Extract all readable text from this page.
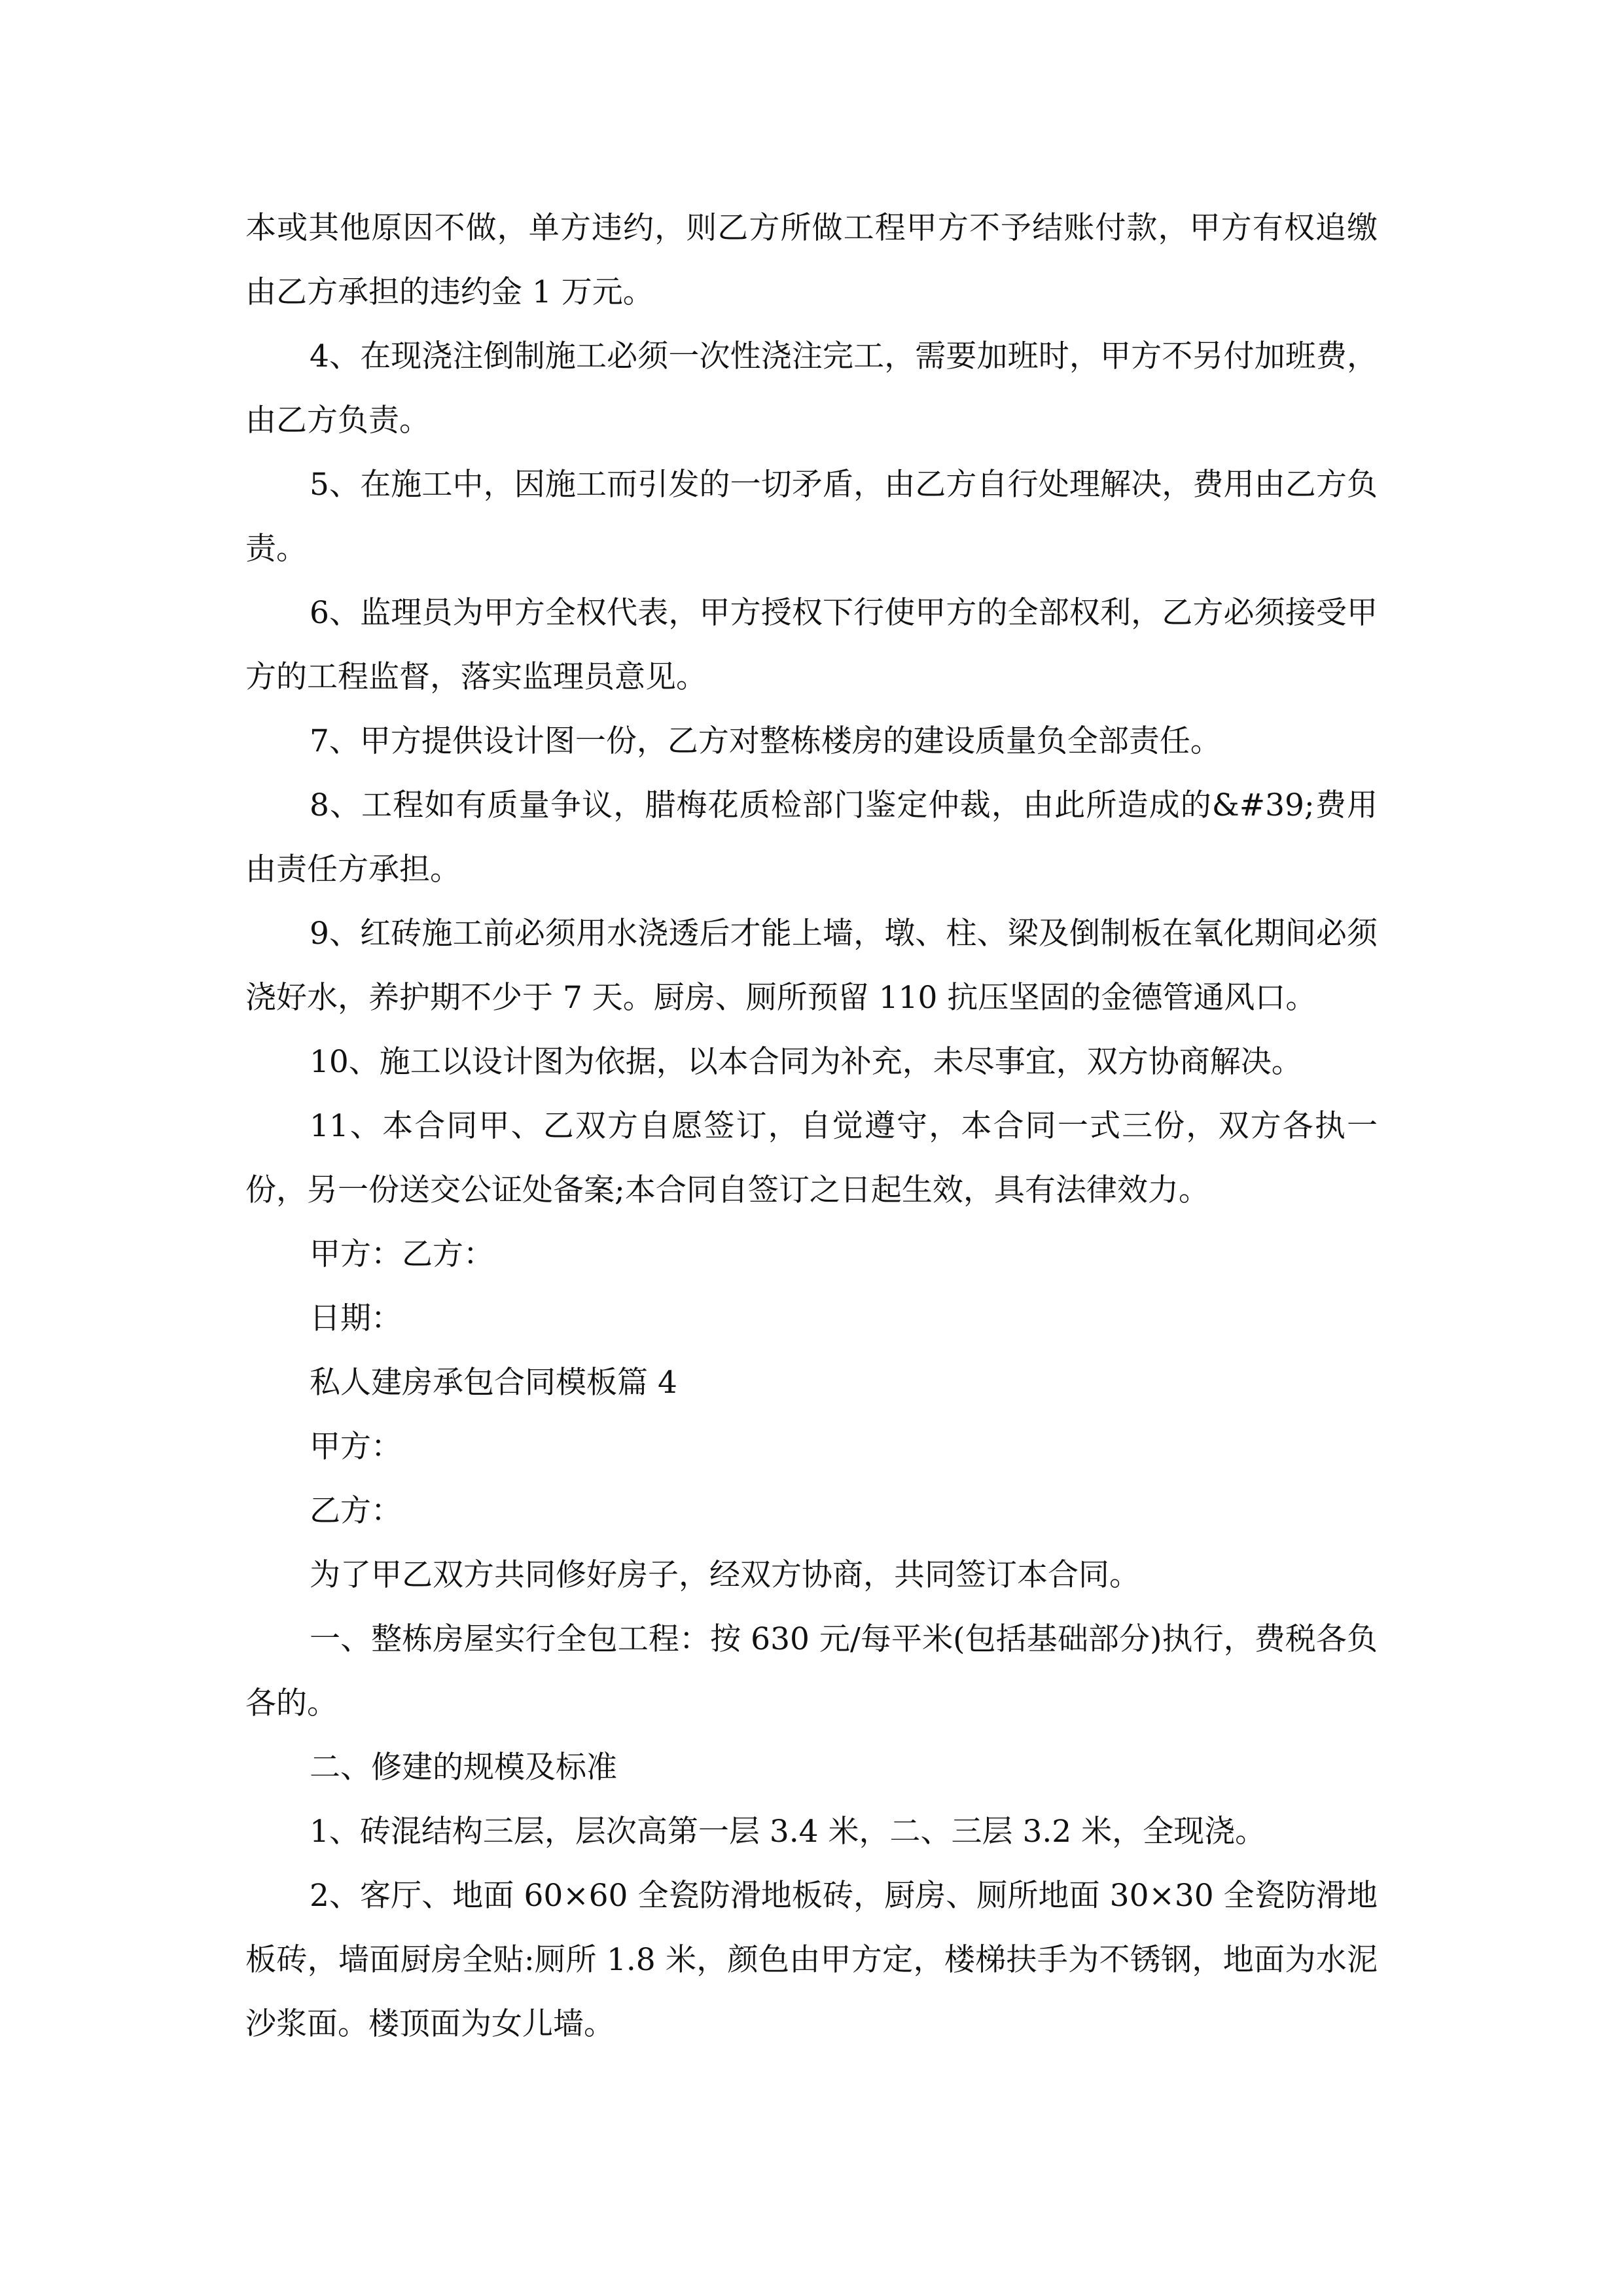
本或其他原因不做，单方违约，则乙方所做工程甲方不予结账付款，甲方有权追缴由乙方承担的违约金 1 万元。

4、在现浇注倒制施工必须一次性浇注完工，需要加班时，甲方不另付加班费，由乙方负责。

5、在施工中，因施工而引发的一切矛盾，由乙方自行处理解决，费用由乙方负责。

6、监理员为甲方全权代表，甲方授权下行使甲方的全部权利，乙方必须接受甲方的工程监督，落实监理员意见。

7、甲方提供设计图一份，乙方对整栋楼房的建设质量负全部责任。

8、工程如有质量争议，腊梅花质检部门鉴定仲裁，由此所造成的&#39;费用由责任方承担。

9、红砖施工前必须用水浇透后才能上墙，墩、柱、梁及倒制板在氧化期间必须浇好水，养护期不少于 7 天。厨房、厕所预留 110 抗压坚固的金德管通风口。

10、施工以设计图为依据，以本合同为补充，未尽事宜，双方协商解决。

11、本合同甲、乙双方自愿签订，自觉遵守，本合同一式三份，双方各执一份，另一份送交公证处备案;本合同自签订之日起生效，具有法律效力。

甲方：乙方：

日期：

私人建房承包合同模板篇 4

甲方：

乙方：

为了甲乙双方共同修好房子，经双方协商，共同签订本合同。

一、整栋房屋实行全包工程：按 630 元/每平米(包括基础部分)执行，费税各负各的。

二、修建的规模及标准

1、砖混结构三层，层次高第一层 3.4 米，二、三层 3.2 米，全现浇。

2、客厅、地面 60×60 全瓷防滑地板砖，厨房、厕所地面 30×30 全瓷防滑地板砖，墙面厨房全贴:厕所 1.8 米，颜色由甲方定，楼梯扶手为不锈钢，地面为水泥沙浆面。楼顶面为女儿墙。
